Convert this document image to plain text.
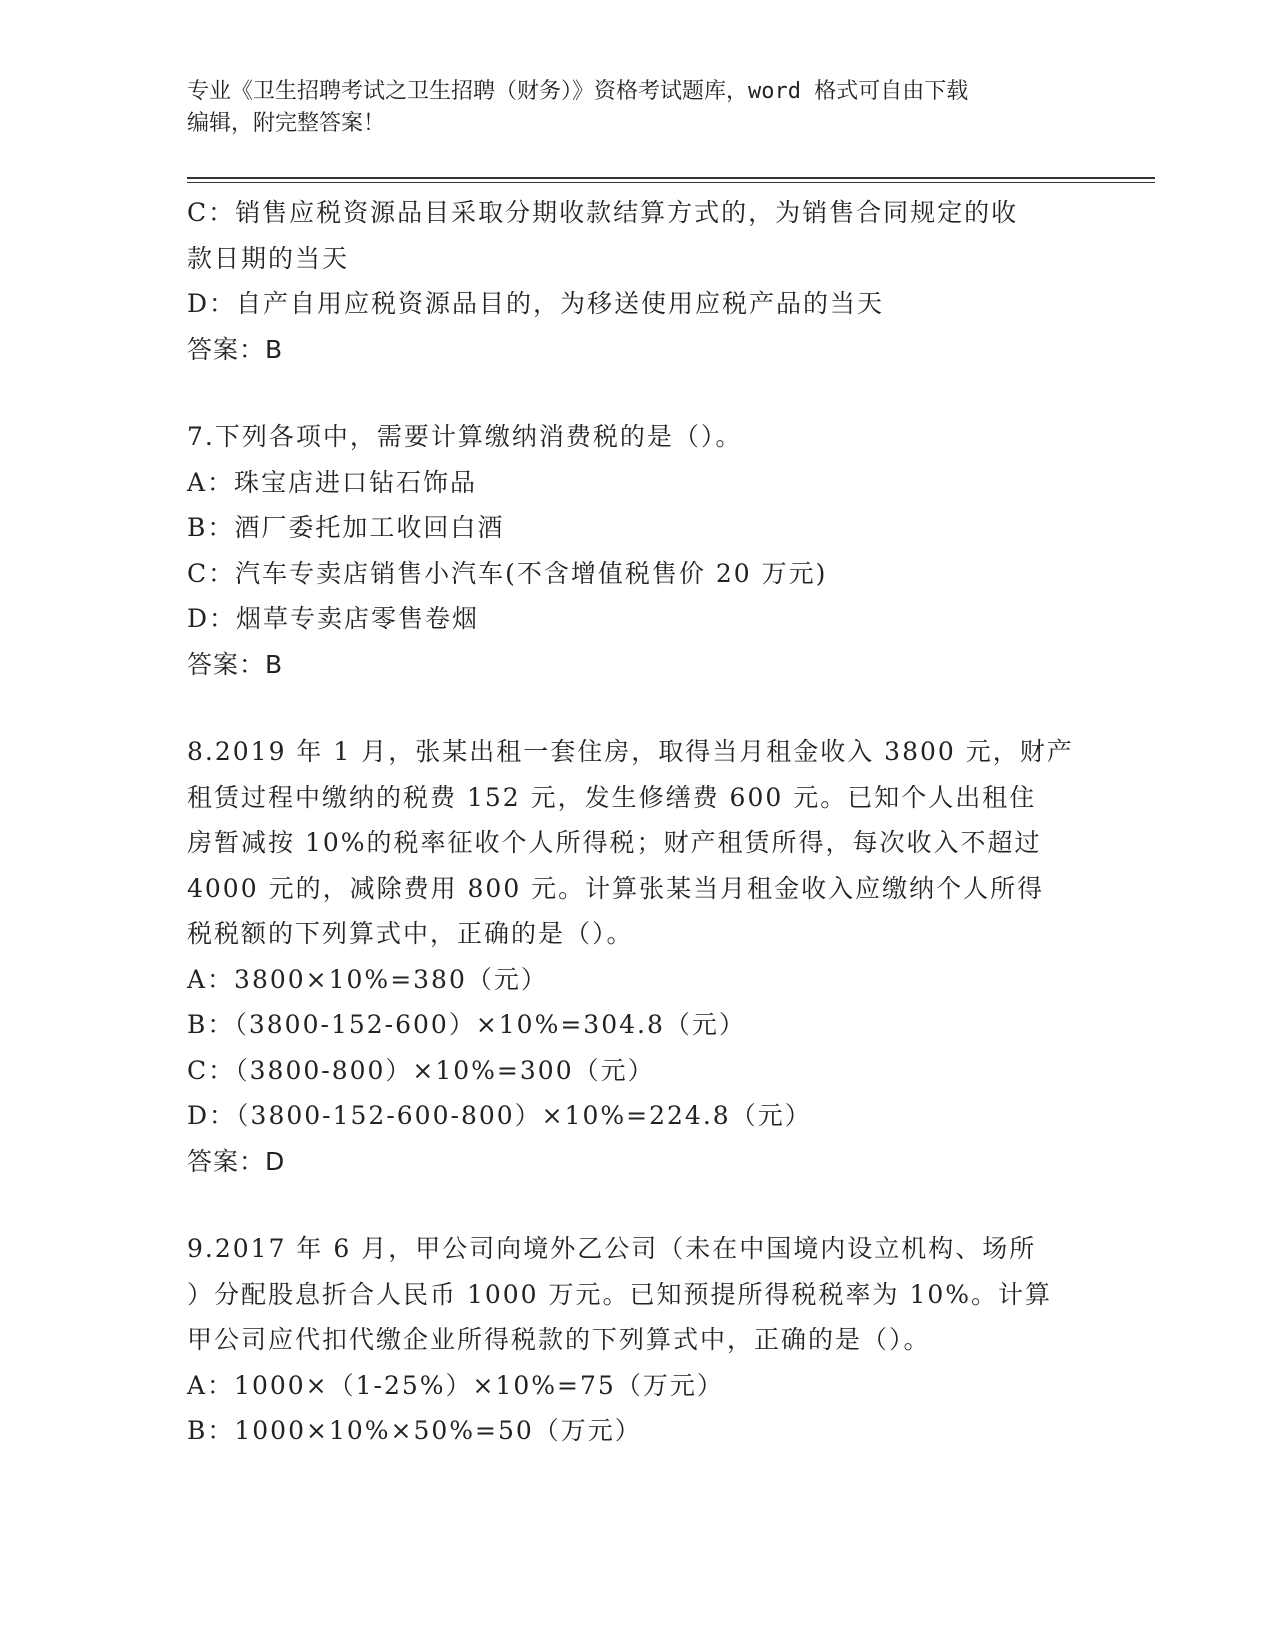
专业《卫生招聘考试之卫生招聘（财务）》资格考试题库，word 格式可自由下载
编辑，附完整答案！
C：销售应税资源品目采取分期收款结算方式的，为销售合同规定的收
款日期的当天
D：自产自用应税资源品目的，为移送使用应税产品的当天
答案：B
7.下列各项中，需要计算缴纳消费税的是（）。
A：珠宝店进口钻石饰品
B：酒厂委托加工收回白酒
C：汽车专卖店销售小汽车(不含增值税售价 20 万元)
D：烟草专卖店零售卷烟
答案：B
8.2019 年 1 月，张某出租一套住房，取得当月租金收入 3800 元，财产
租赁过程中缴纳的税费 152 元，发生修缮费 600 元。已知个人出租住
房暂减按 10%的税率征收个人所得税；财产租赁所得，每次收入不超过
4000 元的，减除费用 800 元。计算张某当月租金收入应缴纳个人所得
税税额的下列算式中，正确的是（）。
A：3800×10%=380（元）
B：（3800-152-600）×10%=304.8（元）
C：（3800-800）×10%=300（元）
D：（3800-152-600-800）×10%=224.8（元）
答案：D
9.2017 年 6 月，甲公司向境外乙公司（未在中国境内设立机构、场所
）分配股息折合人民币 1000 万元。已知预提所得税税率为 10%。计算
甲公司应代扣代缴企业所得税款的下列算式中，正确的是（）。
A：1000×（1-25%）×10%=75（万元）
B：1000×10%×50%=50（万元）
